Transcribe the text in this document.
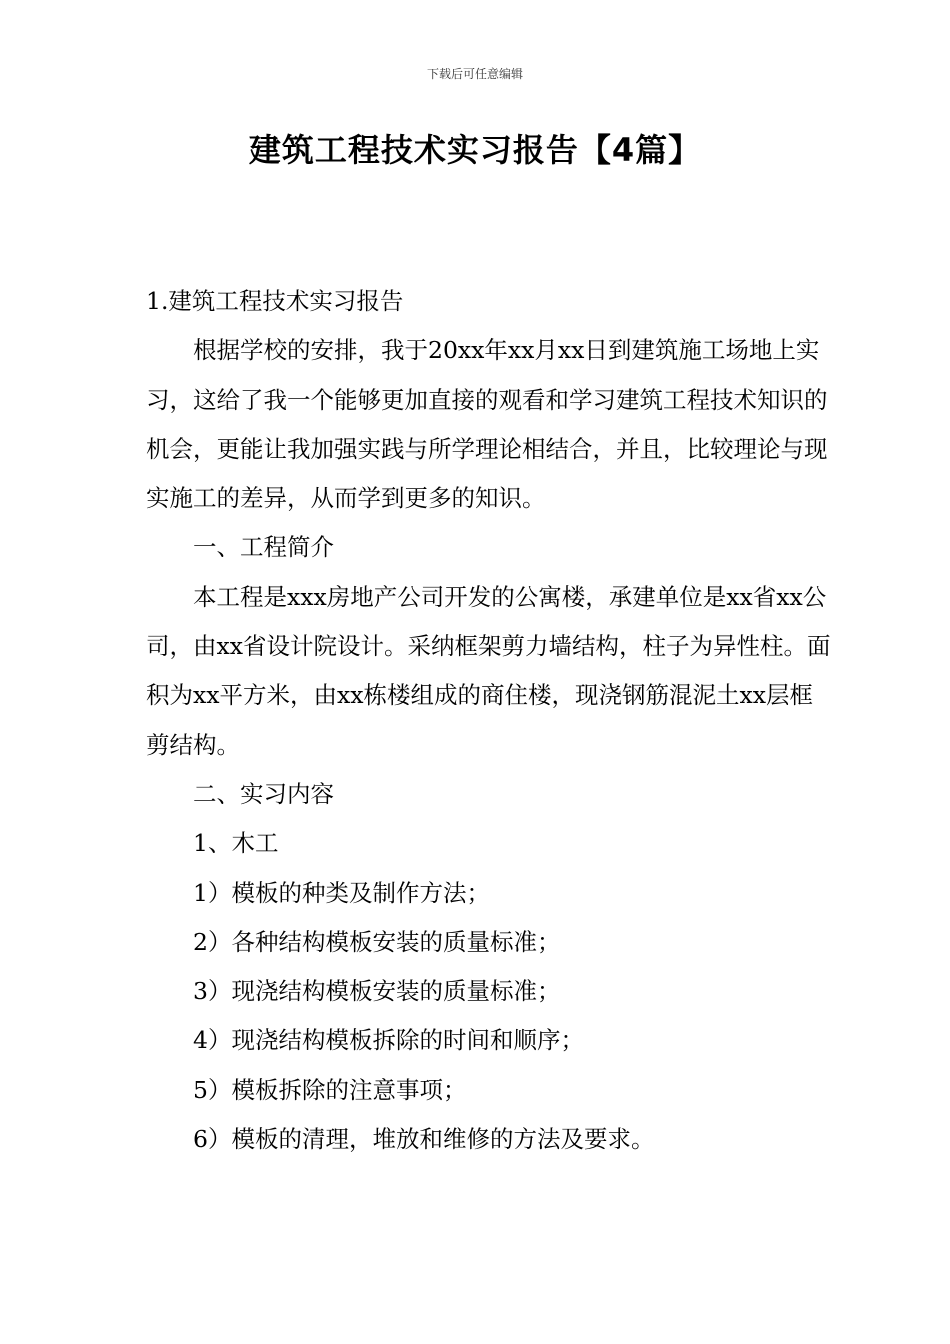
下载后可任意编辑
建筑工程技术实习报告【4篇】

1.建筑工程技术实习报告

根据学校的安排，我于20xx年xx月xx日到建筑施工场地上实习，这给了我一个能够更加直接的观看和学习建筑工程技术知识的机会，更能让我加强实践与所学理论相结合，并且，比较理论与现实施工的差异，从而学到更多的知识。

一、工程简介

本工程是xxx房地产公司开发的公寓楼，承建单位是xx省xx公司，由xx省设计院设计。采纳框架剪力墙结构，柱子为异性柱。面积为xx平方米，由xx栋楼组成的商住楼，现浇钢筋混泥土xx层框剪结构。

二、实习内容

1、木工

1）模板的种类及制作方法；

2）各种结构模板安装的质量标准；

3）现浇结构模板安装的质量标准；

4）现浇结构模板拆除的时间和顺序；

5）模板拆除的注意事项；

6）模板的清理，堆放和维修的方法及要求。
